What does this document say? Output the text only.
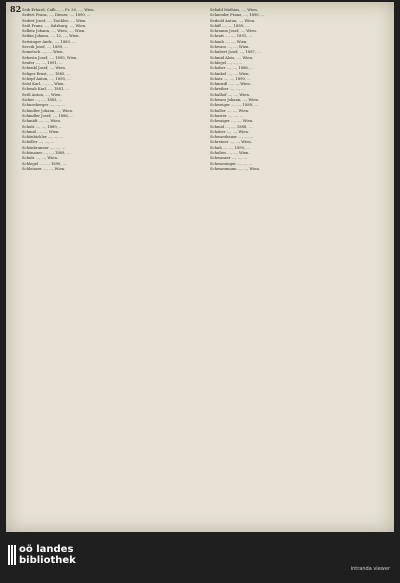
82 Seib Erhard, Cafh., ..., Fr. 20, ..., Wien.
Seifert Franz, ..., Diener, ..., 1890, ...
Seifert Josef, ..., Tischler, ..., Wien.
Seiß Franz, ..., Salzburg, ..., Wien.
Selbitz Johann, ..., Wien, ..., Wien.
Seibin Johann, ..., 12, ..., Wien.
Seitzinger Andr., ..., 1880, ...
Sevcik Josef, ..., 1889, ...
Semetsch ..., ..., Wien.
Sebesta Josef, ..., 1890, Wien.
Senfer ..., ..., 1891, ...
Schenkl Josef, ..., Wien.
Seliger Ernst, ..., 1885, ...
Schöpf Anton, ..., 1890, ...
Seisl Karl, ..., ..., Wien.
Schwab Karl, ..., 1881, ...
Seitl Anton, ..., Wien.
Sicher ..., ..., 1883, ...
Schneeberger ..., ..., ...
Schindler Johann, ..., Wien.
Schindler Josef, ..., 1886, ...
Schmidt ..., ..., Wien.
Schulz ..., ..., 1889, ...
Schmid ..., ..., Wien.
Schönbichler ..., ..., ...
Schöller ..., ..., ...
Schönbrunner ..., ..., ...
Schönauer ..., ..., 1889, ...
Schulz ..., ..., Wien.
Schlegel ..., ..., 1890, ...
Schleinzer ..., ..., Wien.
Sebald Mathias, ..., Wien.
Schneider Franz, ..., 1890, ...
Seibold Anton, ..., Wien.
Schiff ..., ..., 1889, ...
Schramm Josef, ..., Wien.
Schratt ..., ..., 1891, ...
Schaub ..., ..., Wien.
Schwarz ..., ..., Wien.
Schubert Josef, ..., 1887, ...
Schmid Alois, ..., Wien.
Schlegel ..., ..., ...
Schober ..., ..., 1886, ...
Schinkel ..., ..., Wien.
Schatz ..., ..., 1890, ...
Schmiedl ..., ..., Wien.
Schreiber ..., ..., ...
Schulhof ..., ..., Wien.
Schwarz Johann, ..., Wien.
Schweiger ..., ..., 1889, ...
Schuller ..., ..., Wien.
Schuster ..., ..., ...
Schwaiger ..., ..., Wien.
Schmid ..., ..., 1888, ...
Schober ..., ..., Wien.
Schwarzbauer ..., ..., ...
Schreiner ..., ..., Wien.
Schuh ..., ..., 1890, ...
Schultes ..., ..., Wien.
Schwanzer ..., ..., ...
Schwarzinger ..., ..., ...
Schwarzmann ..., ..., Wien.
oö landes
bibliothek
intranda viewer
